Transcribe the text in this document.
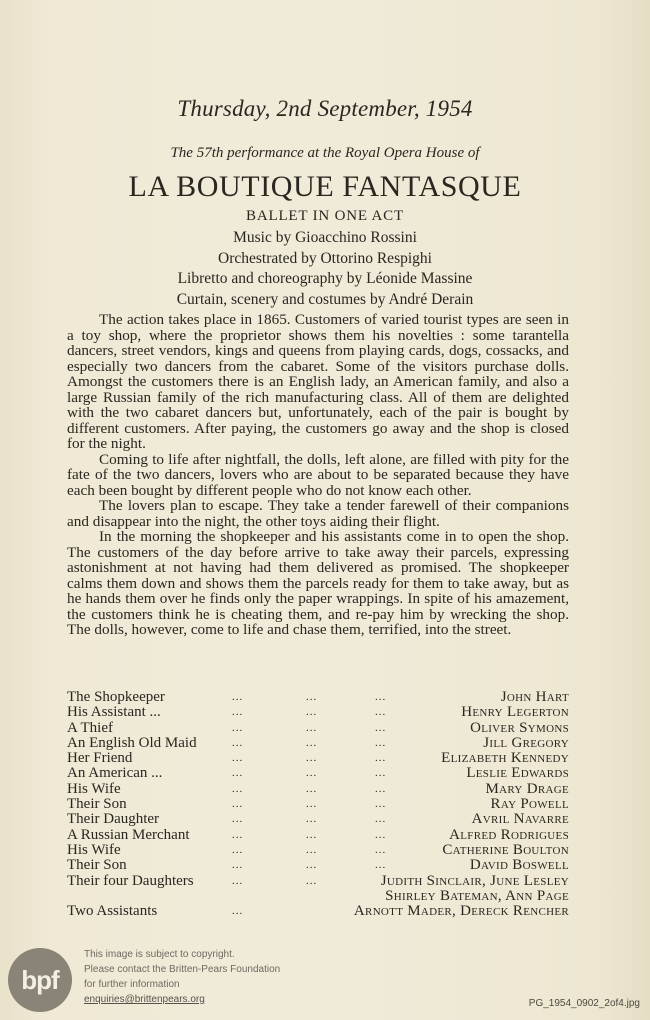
Thursday, 2nd September, 1954
The 57th performance at the Royal Opera House of
LA BOUTIQUE FANTASQUE
BALLET IN ONE ACT
Music by Gioacchino Rossini
Orchestrated by Ottorino Respighi
Libretto and choreography by Léonide Massine
Curtain, scenery and costumes by André Derain

The action takes place in 1865. Customers of varied tourist types are seen in a toy shop, where the proprietor shows them his novelties : some tarantella dancers, street vendors, kings and queens from playing cards, dogs, cossacks, and especially two dancers from the cabaret. Some of the visitors purchase dolls. Amongst the customers there is an English lady, an American family, and also a large Russian family of the rich manufacturing class. All of them are delighted with the two cabaret dancers but, unfortunately, each of the pair is bought by different customers. After paying, the customers go away and the shop is closed for the night.

Coming to life after nightfall, the dolls, left alone, are filled with pity for the fate of the two dancers, lovers who are about to be separated because they have each been bought by different people who do not know each other.

The lovers plan to escape. They take a tender farewell of their companions and disappear into the night, the other toys aiding their flight.

In the morning the shopkeeper and his assistants come in to open the shop. The customers of the day before arrive to take away their parcels, expressing astonishment at not having had them delivered as promised. The shopkeeper calms them down and shows them the parcels ready for them to take away, but as he hands them over he finds only the paper wrappings. In spite of his amazement, the customers think he is cheating them, and re-pay him by wrecking the shop. The dolls, however, come to life and chase them, terrified, into the street.

The Shopkeeper	...	...	...	John Hart
His Assistant ...	...	...	...	Henry Legerton
A Thief	...	...	...	Oliver Symons
An English Old Maid	...	...	...	Jill Gregory
Her Friend	...	...	...	Elizabeth Kennedy
An American ...	...	...	...	Leslie Edwards
His Wife	...	...	...	Mary Drage
Their Son	...	...	...	Ray Powell
Their Daughter	...	...	...	Avril Navarre
A Russian Merchant	...	...	...	Alfred Rodrigues
His Wife	...	...	...	Catherine Boulton
Their Son	...	...	...	David Boswell
Their four Daughters	...	...	Judith Sinclair, June Lesley
Shirley Bateman, Ann Page
Two Assistants	...	Arnott Mader, Dereck Rencher
bpf
This image is subject to copyright.
Please contact the Britten-Pears Foundation
for further information
enquiries@brittenpears.org	PG_1954_0902_2of4.jpg
